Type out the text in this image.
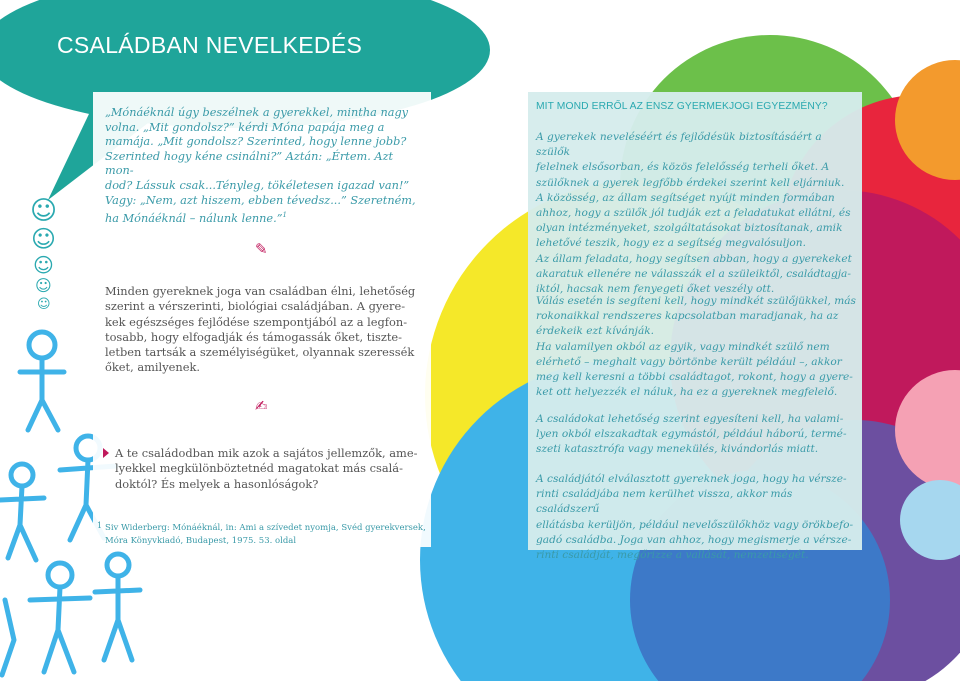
CSALÁDBAN NEVELKEDÉS
☺
☺
☺
☺
☺

„Mónáéknál úgy beszélnek a gyerekkel, mintha nagy
volna. „Mit gondolsz?” kérdi Móna papája meg a
mamája. „Mit gondolsz? Szerinted, hogy lenne jobb?
Szerinted hogy kéne csinálni?” Aztán: „Értem. Azt mon-
dod? Lássuk csak...Tényleg, tökéletesen igazad van!”
Vagy: „Nem, azt hiszem, ebben tévedsz...” Szeretném,
ha Mónáéknál – nálunk lenne.”$^1$

✎

Minden gyereknek joga van családban élni, lehetőség
szerint a vérszerinti, biológiai családjában. A gyere-
kek egészséges fejlődése szempontjából az a legfon-
tosabb, hogy elfogadják és támogassák őket, tiszte-
letben tartsák a személyiségüket, olyannak szeressék
őket, amilyenek.

✍
A te családodban mik azok a sajátos jellemzők, ame-
lyekkel megkülönböztetnéd magatokat más csalá-
doktól? És melyek a hasonlóságok?

1 Siv Widerberg: Mónáéknál, in: Ami a szívedet nyomja, Svéd gyerekversek,
Móra Könyvkiadó, Budapest, 1975. 53. oldal

MIT MOND ERRŐL AZ ENSZ GYERMEKJOGI EGYEZMÉNY?

A gyerekek neveléséért és fejlődésük biztosításáért a szülők
felelnek elsősorban, és közös felelősség terheli őket. A
szülőknek a gyerek legfőbb érdekei szerint kell eljárniuk.
A közösség, az állam segítséget nyújt minden formában
ahhoz, hogy a szülők jól tudják ezt a feladatukat ellátni, és
olyan intézményeket, szolgáltatásokat biztosítanak, amik
lehetővé teszik, hogy ez a segítség megvalósuljon.
Az állam feladata, hogy segítsen abban, hogy a gyerekeket
akaratuk ellenére ne válasszák el a szüleiktől, családtagja-
iktól, hacsak nem fenyegeti őket veszély ott.

Válás esetén is segíteni kell, hogy mindkét szülőjükkel, más
rokonaikkal rendszeres kapcsolatban maradjanak, ha az
érdekeik ezt kívánják.
Ha valamilyen okból az egyik, vagy mindkét szülő nem
elérhető – meghalt vagy börtönbe került például –, akkor
meg kell keresni a többi családtagot, rokont, hogy a gyere-
ket ott helyezzék el náluk, ha ez a gyereknek megfelelő.

A családokat lehetőség szerint egyesíteni kell, ha valami-
lyen okból elszakadtak egymástól, például háború, termé-
szeti katasztrófa vagy menekülés, kivándorlás miatt.

A családjától elválasztott gyereknek joga, hogy ha vérsze-
rinti családjába nem kerülhet vissza, akkor más családszerű
ellátásba kerüljön, például nevelőszülőkhöz vagy örökbefo-
gadó családba. Joga van ahhoz, hogy megismerje a vérsze-
rinti családját, megőrizze a vallását, nemzetiségét.
